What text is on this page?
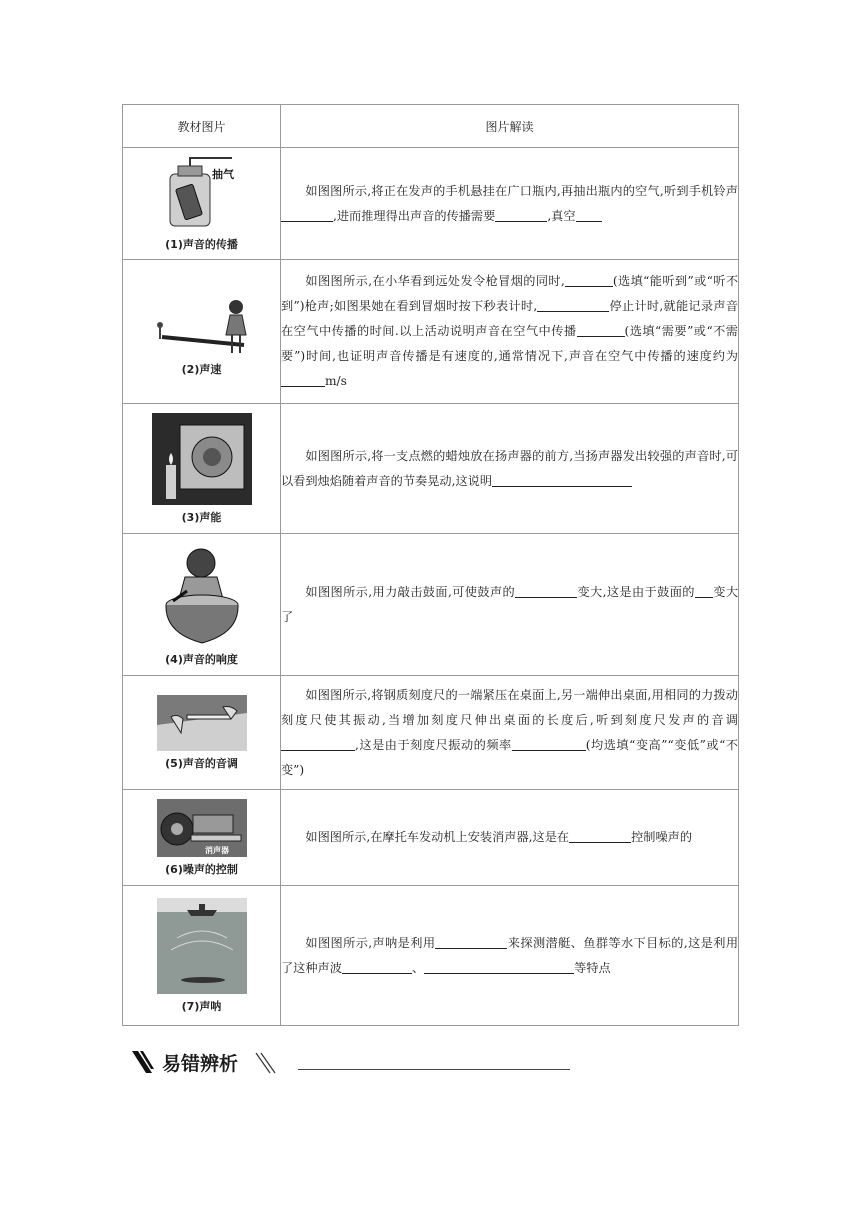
教材图片	图片解读

抽气
(1)声音的传播	如图图所示,将正在发声的手机悬挂在广口瓶内,再抽出瓶内的空气,听到手机铃声,进而推理得出声音的传播需要 ,真空

(2)声速	如图图所示,在小华看到远处发令枪冒烟的同时, (选填“能听到”或“听不到”)枪声;如图果她在看到冒烟时按下秒表计时, 停止计时,就能记录声音在空气中传播的时间.以上活动说明声音在空气中传播 (选填“需要”或“不需要”)时间,也证明声音传播是有速度的,通常情况下,声音在空气中传播的速度约为m/s

(3)声能	如图图所示,将一支点燃的蜡烛放在扬声器的前方,当扬声器发出较强的声音时,可以看到烛焰随着声音的节奏晃动,这说明

(4)声音的响度	如图图所示,用力敲击鼓面,可使鼓声的 变大,这是由于鼓面的 变大了

(5)声音的音调	如图图所示,将钢质刻度尺的一端紧压在桌面上,另一端伸出桌面,用相同的力拨动刻度尺使其振动,当增加刻度尺伸出桌面的长度后,听到刻度尺发声的音调,这是由于刻度尺振动的频率 (均选填“变高”“变低”或“不变”)

消声器
(6)噪声的控制	如图图所示,在摩托车发动机上安装消声器,这是在 控制噪声的

(7)声呐	如图图所示,声呐是利用 来探测潜艇、鱼群等水下目标的,这是利用了这种声波 、 等特点
易错辨析
